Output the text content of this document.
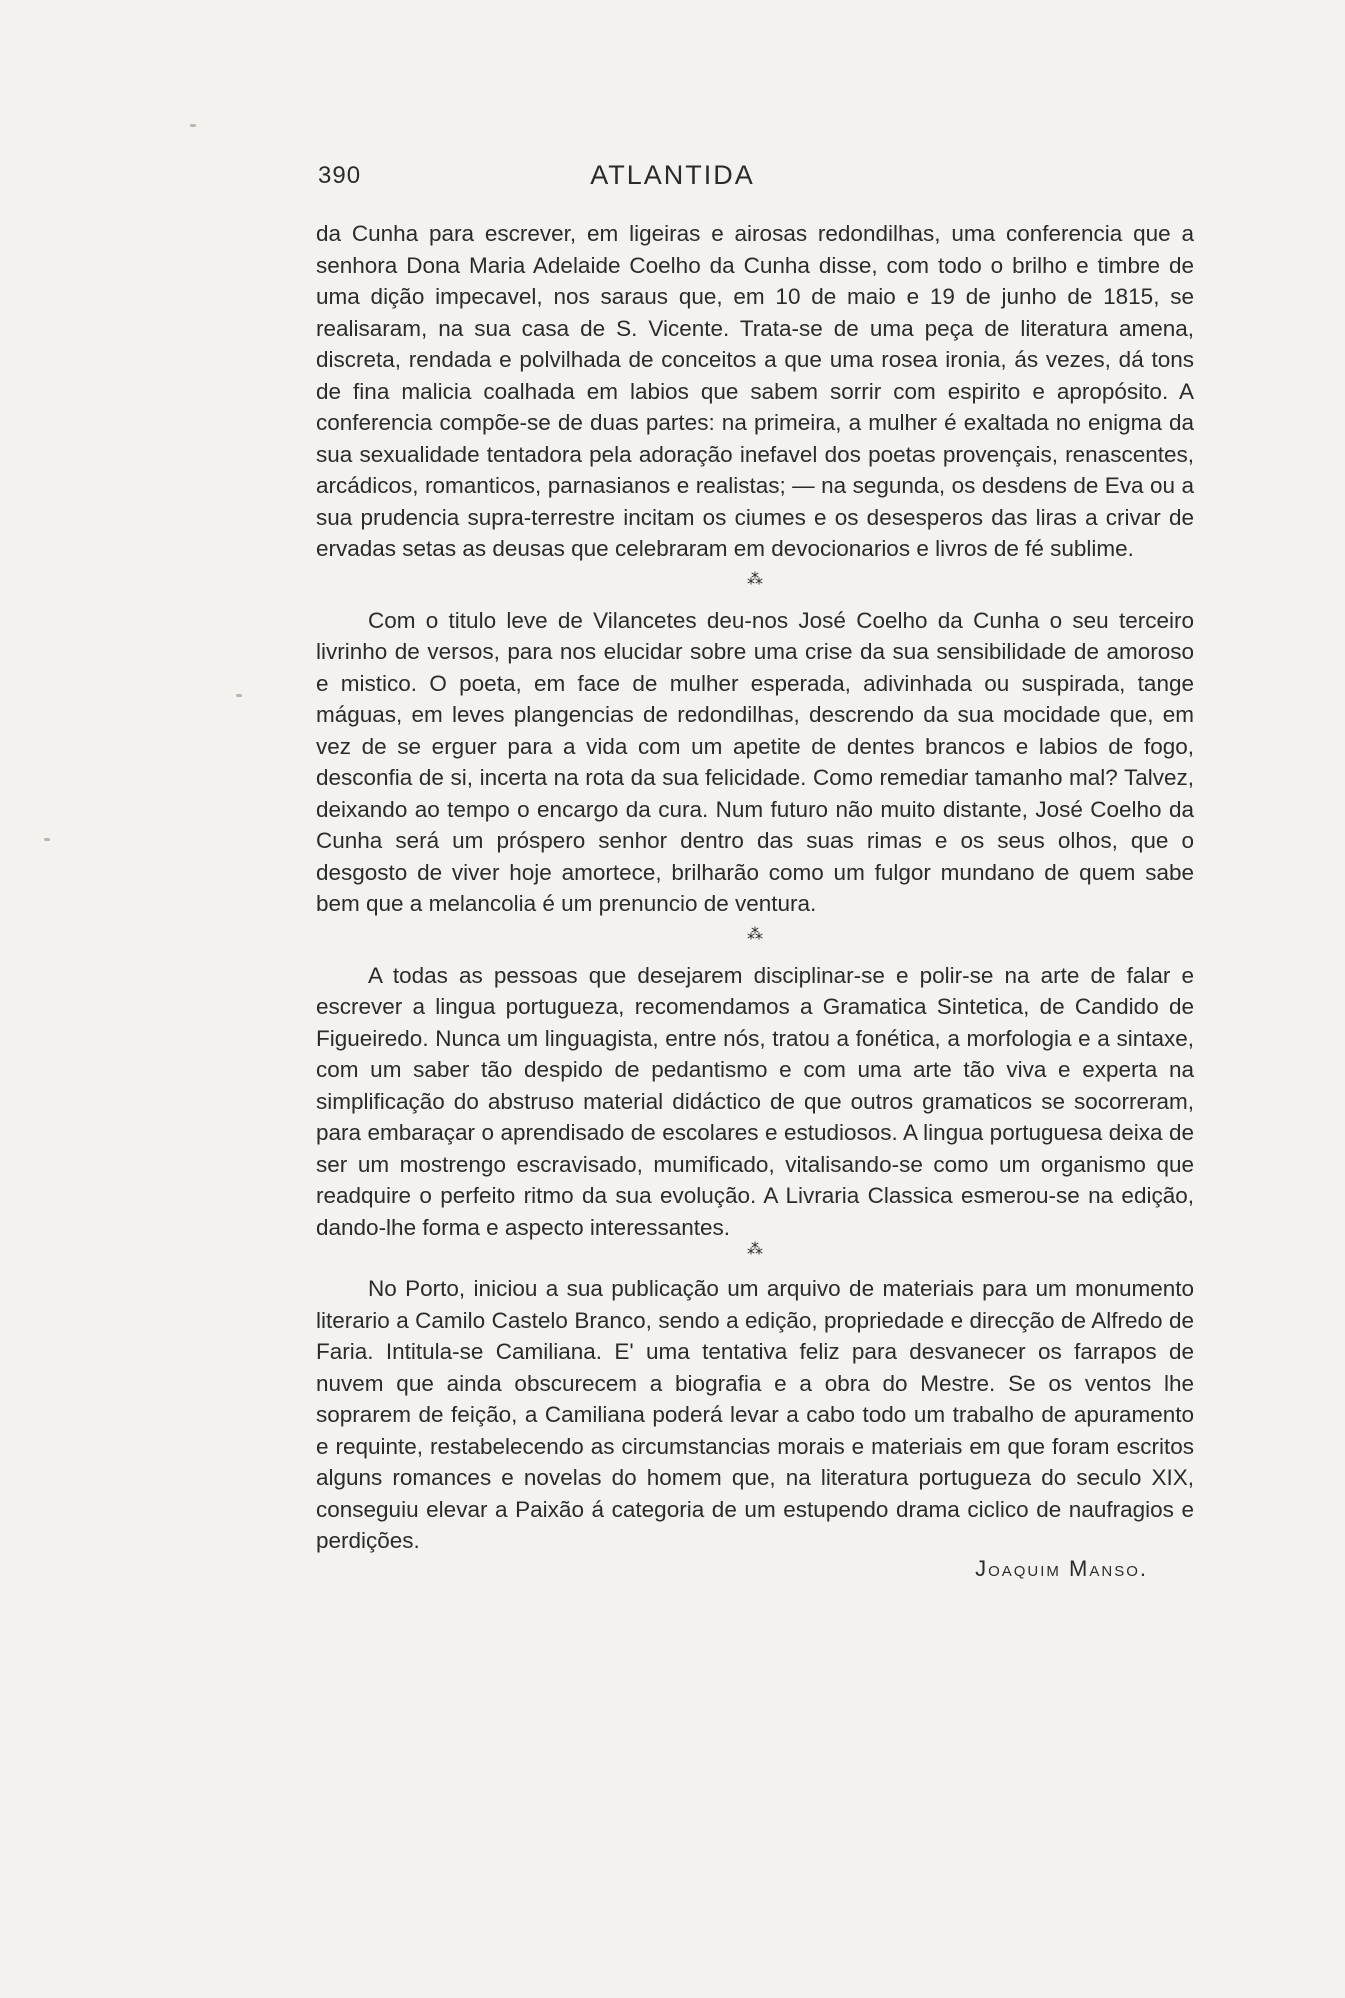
390	ATLANTIDA

da Cunha para escrever, em ligeiras e airosas redondilhas, uma conferencia que a senhora Dona Maria Adelaide Coelho da Cunha disse, com todo o brilho e timbre de uma dição impecavel, nos saraus que, em 10 de maio e 19 de junho de 1815, se realisaram, na sua casa de S. Vicente. Trata-se de uma peça de literatura amena, discreta, rendada e polvilhada de conceitos a que uma rosea ironia, ás vezes, dá tons de fina malicia coalhada em labios que sabem sorrir com espirito e apropósito. A conferencia compõe-se de duas partes: na primeira, a mulher é exaltada no enigma da sua sexualidade tentadora pela adoração inefavel dos poetas provençais, renascentes, arcádicos, romanticos, parnasianos e realistas; — na segunda, os desdens de Eva ou a sua prudencia supra-terrestre incitam os ciumes e os desesperos das liras a crivar de ervadas setas as deusas que celebraram em devocionarios e livros de fé sublime.

⁂

Com o titulo leve de Vilancetes deu-nos José Coelho da Cunha o seu terceiro livrinho de versos, para nos elucidar sobre uma crise da sua sensibilidade de amoroso e mistico. O poeta, em face de mulher esperada, adivinhada ou suspirada, tange máguas, em leves plangencias de redondilhas, descrendo da sua mocidade que, em vez de se erguer para a vida com um apetite de dentes brancos e labios de fogo, desconfia de si, incerta na rota da sua felicidade. Como remediar tamanho mal? Talvez, deixando ao tempo o encargo da cura. Num futuro não muito distante, José Coelho da Cunha será um próspero senhor dentro das suas rimas e os seus olhos, que o desgosto de viver hoje amortece, brilharão como um fulgor mundano de quem sabe bem que a melancolia é um prenuncio de ventura.

⁂

A todas as pessoas que desejarem disciplinar-se e polir-se na arte de falar e escrever a lingua portugueza, recomendamos a Gramatica Sintetica, de Candido de Figueiredo. Nunca um linguagista, entre nós, tratou a fonética, a morfologia e a sintaxe, com um saber tão despido de pedantismo e com uma arte tão viva e experta na simplificação do abstruso material didáctico de que outros gramaticos se socorreram, para embaraçar o aprendisado de escolares e estudiosos. A lingua portuguesa deixa de ser um mostrengo escravisado, mumificado, vitalisando-se como um organismo que readquire o perfeito ritmo da sua evolução. A Livraria Classica esmerou-se na edição, dando-lhe forma e aspecto interessantes.

⁂

No Porto, iniciou a sua publicação um arquivo de materiais para um monumento literario a Camilo Castelo Branco, sendo a edição, propriedade e direcção de Alfredo de Faria. Intitula-se Camiliana. E' uma tentativa feliz para desvanecer os farrapos de nuvem que ainda obscurecem a biografia e a obra do Mestre. Se os ventos lhe soprarem de feição, a Camiliana poderá levar a cabo todo um trabalho de apuramento e requinte, restabelecendo as circumstancias morais e materiais em que foram escritos alguns romances e novelas do homem que, na literatura portugueza do seculo XIX, conseguiu elevar a Paixão á categoria de um estupendo drama ciclico de naufragios e perdições.

Joaquim Manso.
